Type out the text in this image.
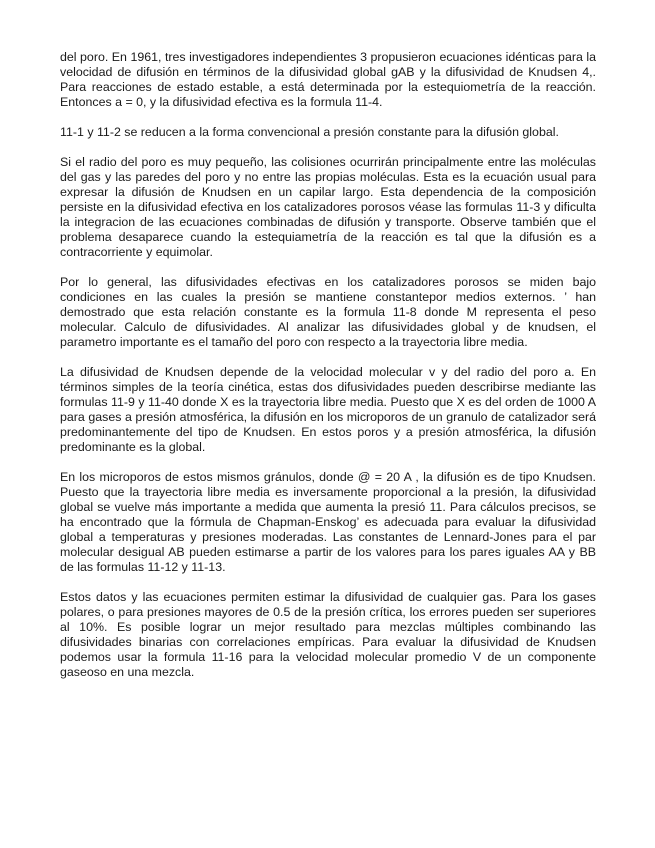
del poro. En 1961, tres investigadores independientes 3 propusieron ecuaciones idénticas para la velocidad de difusión en términos de la difusividad global gAB y la difusividad de Knudsen 4,. Para reacciones de estado estable, a está determinada por la estequiometría de la reacción. Entonces a = 0, y la difusividad efectiva es la formula 11-4.

11-1 y 11-2 se reducen a la forma convencional a presión constante para la difusión global.

Si el radio del poro es muy pequeño, las colisiones ocurrirán principalmente entre las moléculas del gas y las paredes del poro y no entre las propias moléculas. Esta es la ecuación usual para expresar la difusión de Knudsen en un capilar largo. Esta dependencia de la composición persiste en la difusividad efectiva en los catalizadores porosos véase las formulas 11-3 y dificulta la integracion de las ecuaciones combinadas de difusión y transporte. Observe también que el problema desaparece cuando la estequiametría de la reacción es tal que la difusión es a contracorriente y equimolar.

Por lo general, las difusividades efectivas en los catalizadores porosos se miden bajo condiciones en las cuales la presión se mantiene constantepor medios externos. ’ han demostrado que esta relación constante es la formula 11-8 donde M representa el peso molecular. Calculo de difusividades. Al analizar las difusividades global y de knudsen, el parametro importante es el tamaño del poro con respecto a la trayectoria libre media.

La difusividad de Knudsen depende de la velocidad molecular v y del radio del poro a. En términos simples de la teoría cinética, estas dos difusividades pueden describirse mediante las formulas 11-9 y 11-40 donde X es la trayectoria libre media. Puesto que X es del orden de 1000 A para gases a presión atmosférica, la difusión en los microporos de un granulo de catalizador será predominantemente del tipo de Knudsen. En estos poros y a presión atmosférica, la difusión predominante es la global.

En los microporos de estos mismos gránulos, donde @ = 20 A , la difusión es de tipo Knudsen. Puesto que la trayectoria libre media es inversamente proporcional a la presión, la difusividad global se vuelve más importante a medida que aumenta la presió 11. Para cálculos precisos, se ha encontrado que la fórmula de Chapman-Enskog’ es adecuada para evaluar la difusividad global a temperaturas y presiones moderadas. Las constantes de Lennard-Jones para el par molecular desigual AB pueden estimarse a partir de los valores para los pares iguales AA y BB de las formulas 11-12 y 11-13.

Estos datos y las ecuaciones permiten estimar la difusividad de cualquier gas. Para los gases polares, o para presiones mayores de 0.5 de la presión crítica, los errores pueden ser superiores al 10%. Es posible lograr un mejor resultado para mezclas múltiples combinando las difusividades binarias con correlaciones empíricas. Para evaluar la difusividad de Knudsen podemos usar la formula 11-16 para la velocidad molecular promedio V de un componente gaseoso en una mezcla.
